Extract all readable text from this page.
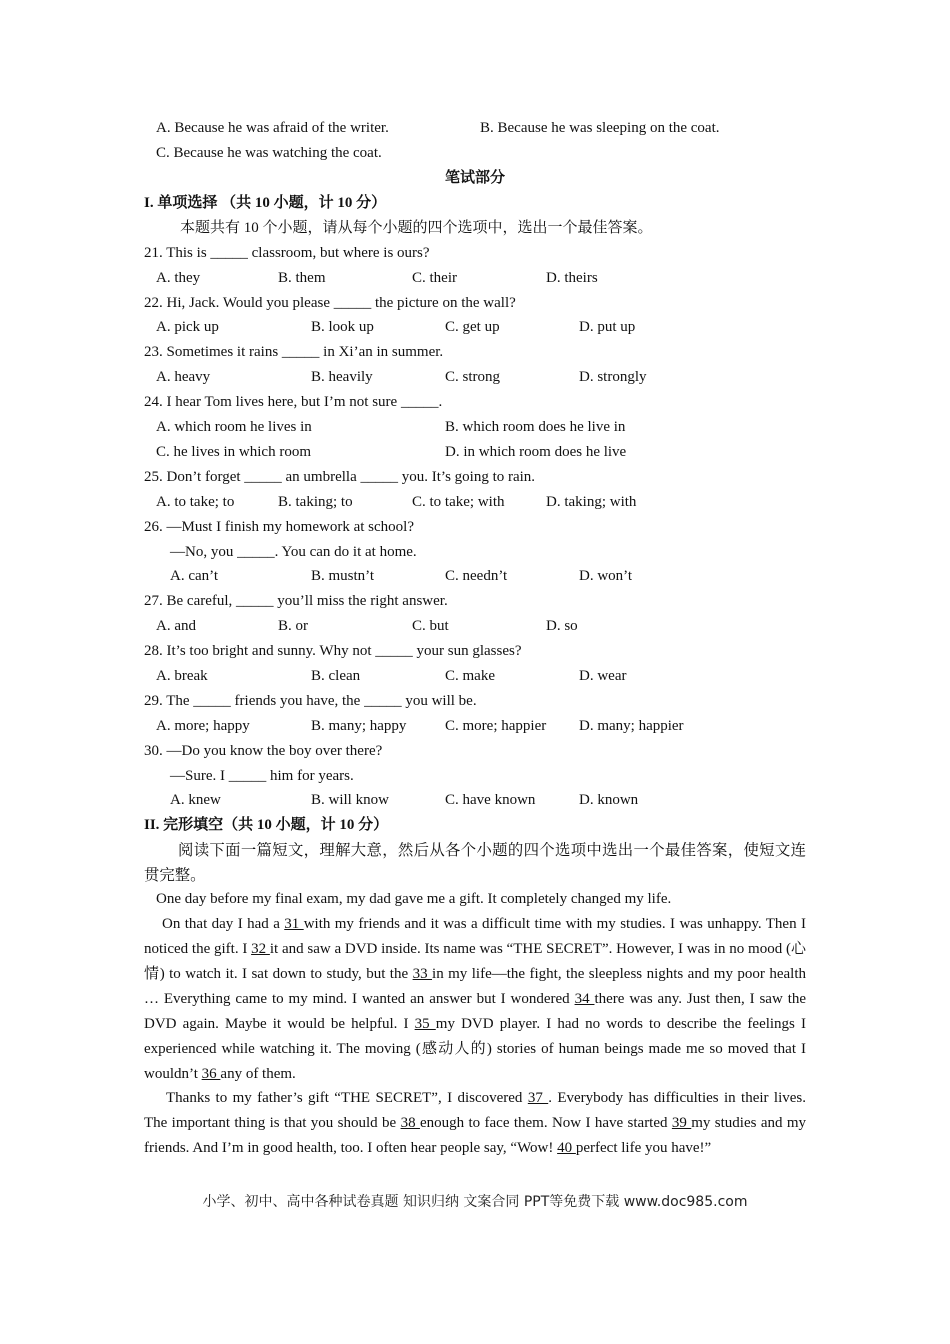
A. Because he was afraid of the writer.	B. Because he was sleeping on the coat.
C. Because he was watching the coat.
笔试部分
I. 单项选择 （共 10 小题，计 10 分）
本题共有 10 个小题，请从每个小题的四个选项中，选出一个最佳答案。
21. This is _____ classroom, but where is ours?
A. they	B. them	C. their	D. theirs
22. Hi, Jack. Would you please _____ the picture on the wall?
A. pick up	B. look up	C. get up	D. put up
23. Sometimes it rains _____ in Xi’an in summer.
A. heavy	B. heavily	C. strong	D. strongly
24. I hear Tom lives here, but I’m not sure _____.
A. which room he lives in	B. which room does he live in
C. he lives in which room	D. in which room does he live
25. Don’t forget _____ an umbrella _____ you. It’s going to rain.
A. to take; to	B. taking; to	C. to take; with	D. taking; with
26. —Must I finish my homework at school?
—No, you _____. You can do it at home.
A. can’t	B. mustn’t	C. needn’t	D. won’t
27. Be careful, _____ you’ll miss the right answer.
A. and	B. or	C. but	D. so
28. It’s too bright and sunny. Why not _____ your sun glasses?
A. break	B. clean	C. make	D. wear
29. The _____ friends you have, the _____ you will be.
A. more; happy	B. many; happy	C. more; happier D. many; happier
30. —Do you know the boy over there?
—Sure. I _____ him for years.
A. knew	B. will know	C. have known	D. known
II. 完形填空（共 10 小题，计 10 分）
阅读下面一篇短文，理解大意，然后从各个小题的四个选项中选出一个最佳答案，使短文连贯完整。
One day before my final exam, my dad gave me a gift. It completely changed my life.
On that day I had a 31 with my friends and it was a difficult time with my studies. I was unhappy. Then I noticed the gift. I 32 it and saw a DVD inside. Its name was “THE SECRET”. However, I was in no mood (心情) to watch it. I sat down to study, but the 33 in my life—the fight, the sleepless nights and my poor health … Everything came to my mind. I wanted an answer but I wondered 34 there was any. Just then, I saw the DVD again. Maybe it would be helpful. I 35 my DVD player. I had no words to describe the feelings I experienced while watching it. The moving (感动人的) stories of human beings made me so moved that I wouldn’t 36 any of them.
Thanks to my father’s gift “THE SECRET”, I discovered 37 . Everybody has difficulties in their lives. The important thing is that you should be 38 enough to face them. Now I have started 39 my studies and my friends. And I’m in good health, too. I often hear people say, “Wow! 40 perfect life you have!”
小学、初中、高中各种试卷真题 知识归纳 文案合同 PPT等免费下载 www.doc985.com
